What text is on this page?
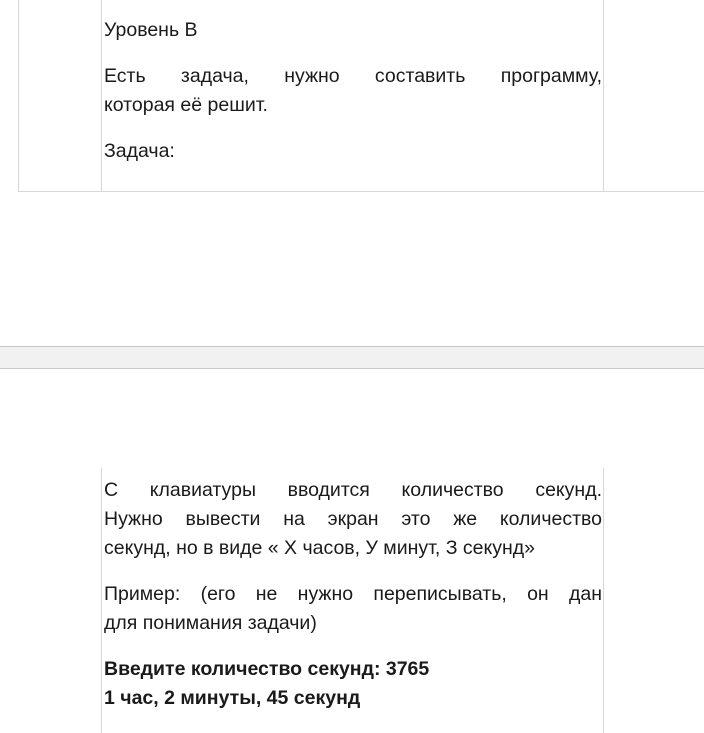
Уровень В

Есть задача, нужно составить программу,

которая её решит.

Задача:

С клавиатуры вводится количество секунд.

Нужно вывести на экран это же количество

секунд, но в виде « Х часов, У минут, З секунд»

Пример: (его не нужно переписывать, он дан

для понимания задачи)

Введите количество секунд: 3765

1 час, 2 минуты, 45 секунд
